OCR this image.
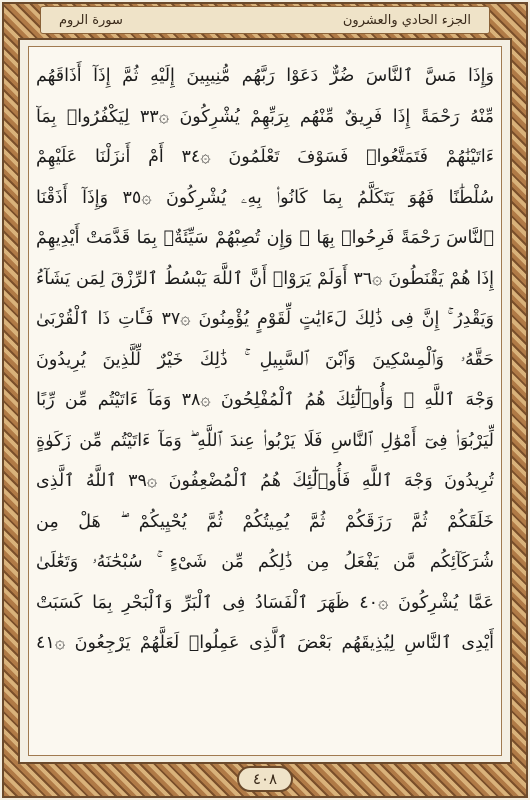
الجزء الحادي والعشرون
سورة الروم
وَإِذَا مَسَّ ٱلنَّاسَ ضُرٌّ دَعَوْا رَبَّهُم مُّنِيبِينَ إِلَيْهِ ثُمَّ إِذَآ أَذَاقَهُم
مِّنْهُ رَحْمَةً إِذَا فَرِيقٌ مِّنْهُم بِرَبِّهِمْ يُشْرِكُونَ ۞٣٣ لِيَكْفُرُوا۟ بِمَآ
ءَاتَيْنَٰهُمْ فَتَمَتَّعُوا۟ فَسَوْفَ تَعْلَمُونَ ۞٣٤ أَمْ أَنزَلْنَا عَلَيْهِمْ
سُلْطَٰنًا فَهُوَ يَتَكَلَّمُ بِمَا كَانُوا۟ بِهِۦ يُشْرِكُونَ ۞٣٥ وَإِذَآ أَذَقْنَا
ٱلنَّاسَ رَحْمَةً فَرِحُوا۟ بِهَا ۖ وَإِن تُصِبْهُمْ سَيِّئَةٌۢ بِمَا قَدَّمَتْ أَيْدِيهِمْ
إِذَا هُمْ يَقْنَطُونَ ۞٣٦ أَوَلَمْ يَرَوْا۟ أَنَّ ٱللَّهَ يَبْسُطُ ٱلرِّزْقَ لِمَن يَشَآءُ
وَيَقْدِرُ ۚ إِنَّ فِى ذَٰلِكَ لَءَايَٰتٍ لِّقَوْمٍ يُؤْمِنُونَ ۞٣٧ فَـَٔاتِ ذَا ٱلْقُرْبَىٰ
حَقَّهُۥ وَٱلْمِسْكِينَ وَٱبْنَ ٱلسَّبِيلِ ۚ ذَٰلِكَ خَيْرٌ لِّلَّذِينَ يُرِيدُونَ
وَجْهَ ٱللَّهِ ۖ وَأُو۟لَٰٓئِكَ هُمُ ٱلْمُفْلِحُونَ ۞٣٨ وَمَآ ءَاتَيْتُم مِّن رِّبًا
لِّيَرْبُوَا۟ فِىٓ أَمْوَٰلِ ٱلنَّاسِ فَلَا يَرْبُوا۟ عِندَ ٱللَّهِ ۖ وَمَآ ءَاتَيْتُم مِّن زَكَوٰةٍ
تُرِيدُونَ وَجْهَ ٱللَّهِ فَأُو۟لَٰٓئِكَ هُمُ ٱلْمُضْعِفُونَ ۞٣٩ ٱللَّهُ ٱلَّذِى
خَلَقَكُمْ ثُمَّ رَزَقَكُمْ ثُمَّ يُمِيتُكُمْ ثُمَّ يُحْيِيكُمْ ۖ هَلْ مِن
شُرَكَآئِكُم مَّن يَفْعَلُ مِن ذَٰلِكُم مِّن شَىْءٍ ۚ سُبْحَٰنَهُۥ وَتَعَٰلَىٰ
عَمَّا يُشْرِكُونَ ۞٤٠ ظَهَرَ ٱلْفَسَادُ فِى ٱلْبَرِّ وَٱلْبَحْرِ بِمَا كَسَبَتْ
أَيْدِى ٱلنَّاسِ لِيُذِيقَهُم بَعْضَ ٱلَّذِى عَمِلُوا۟ لَعَلَّهُمْ يَرْجِعُونَ ۞٤١
٤٠٨
